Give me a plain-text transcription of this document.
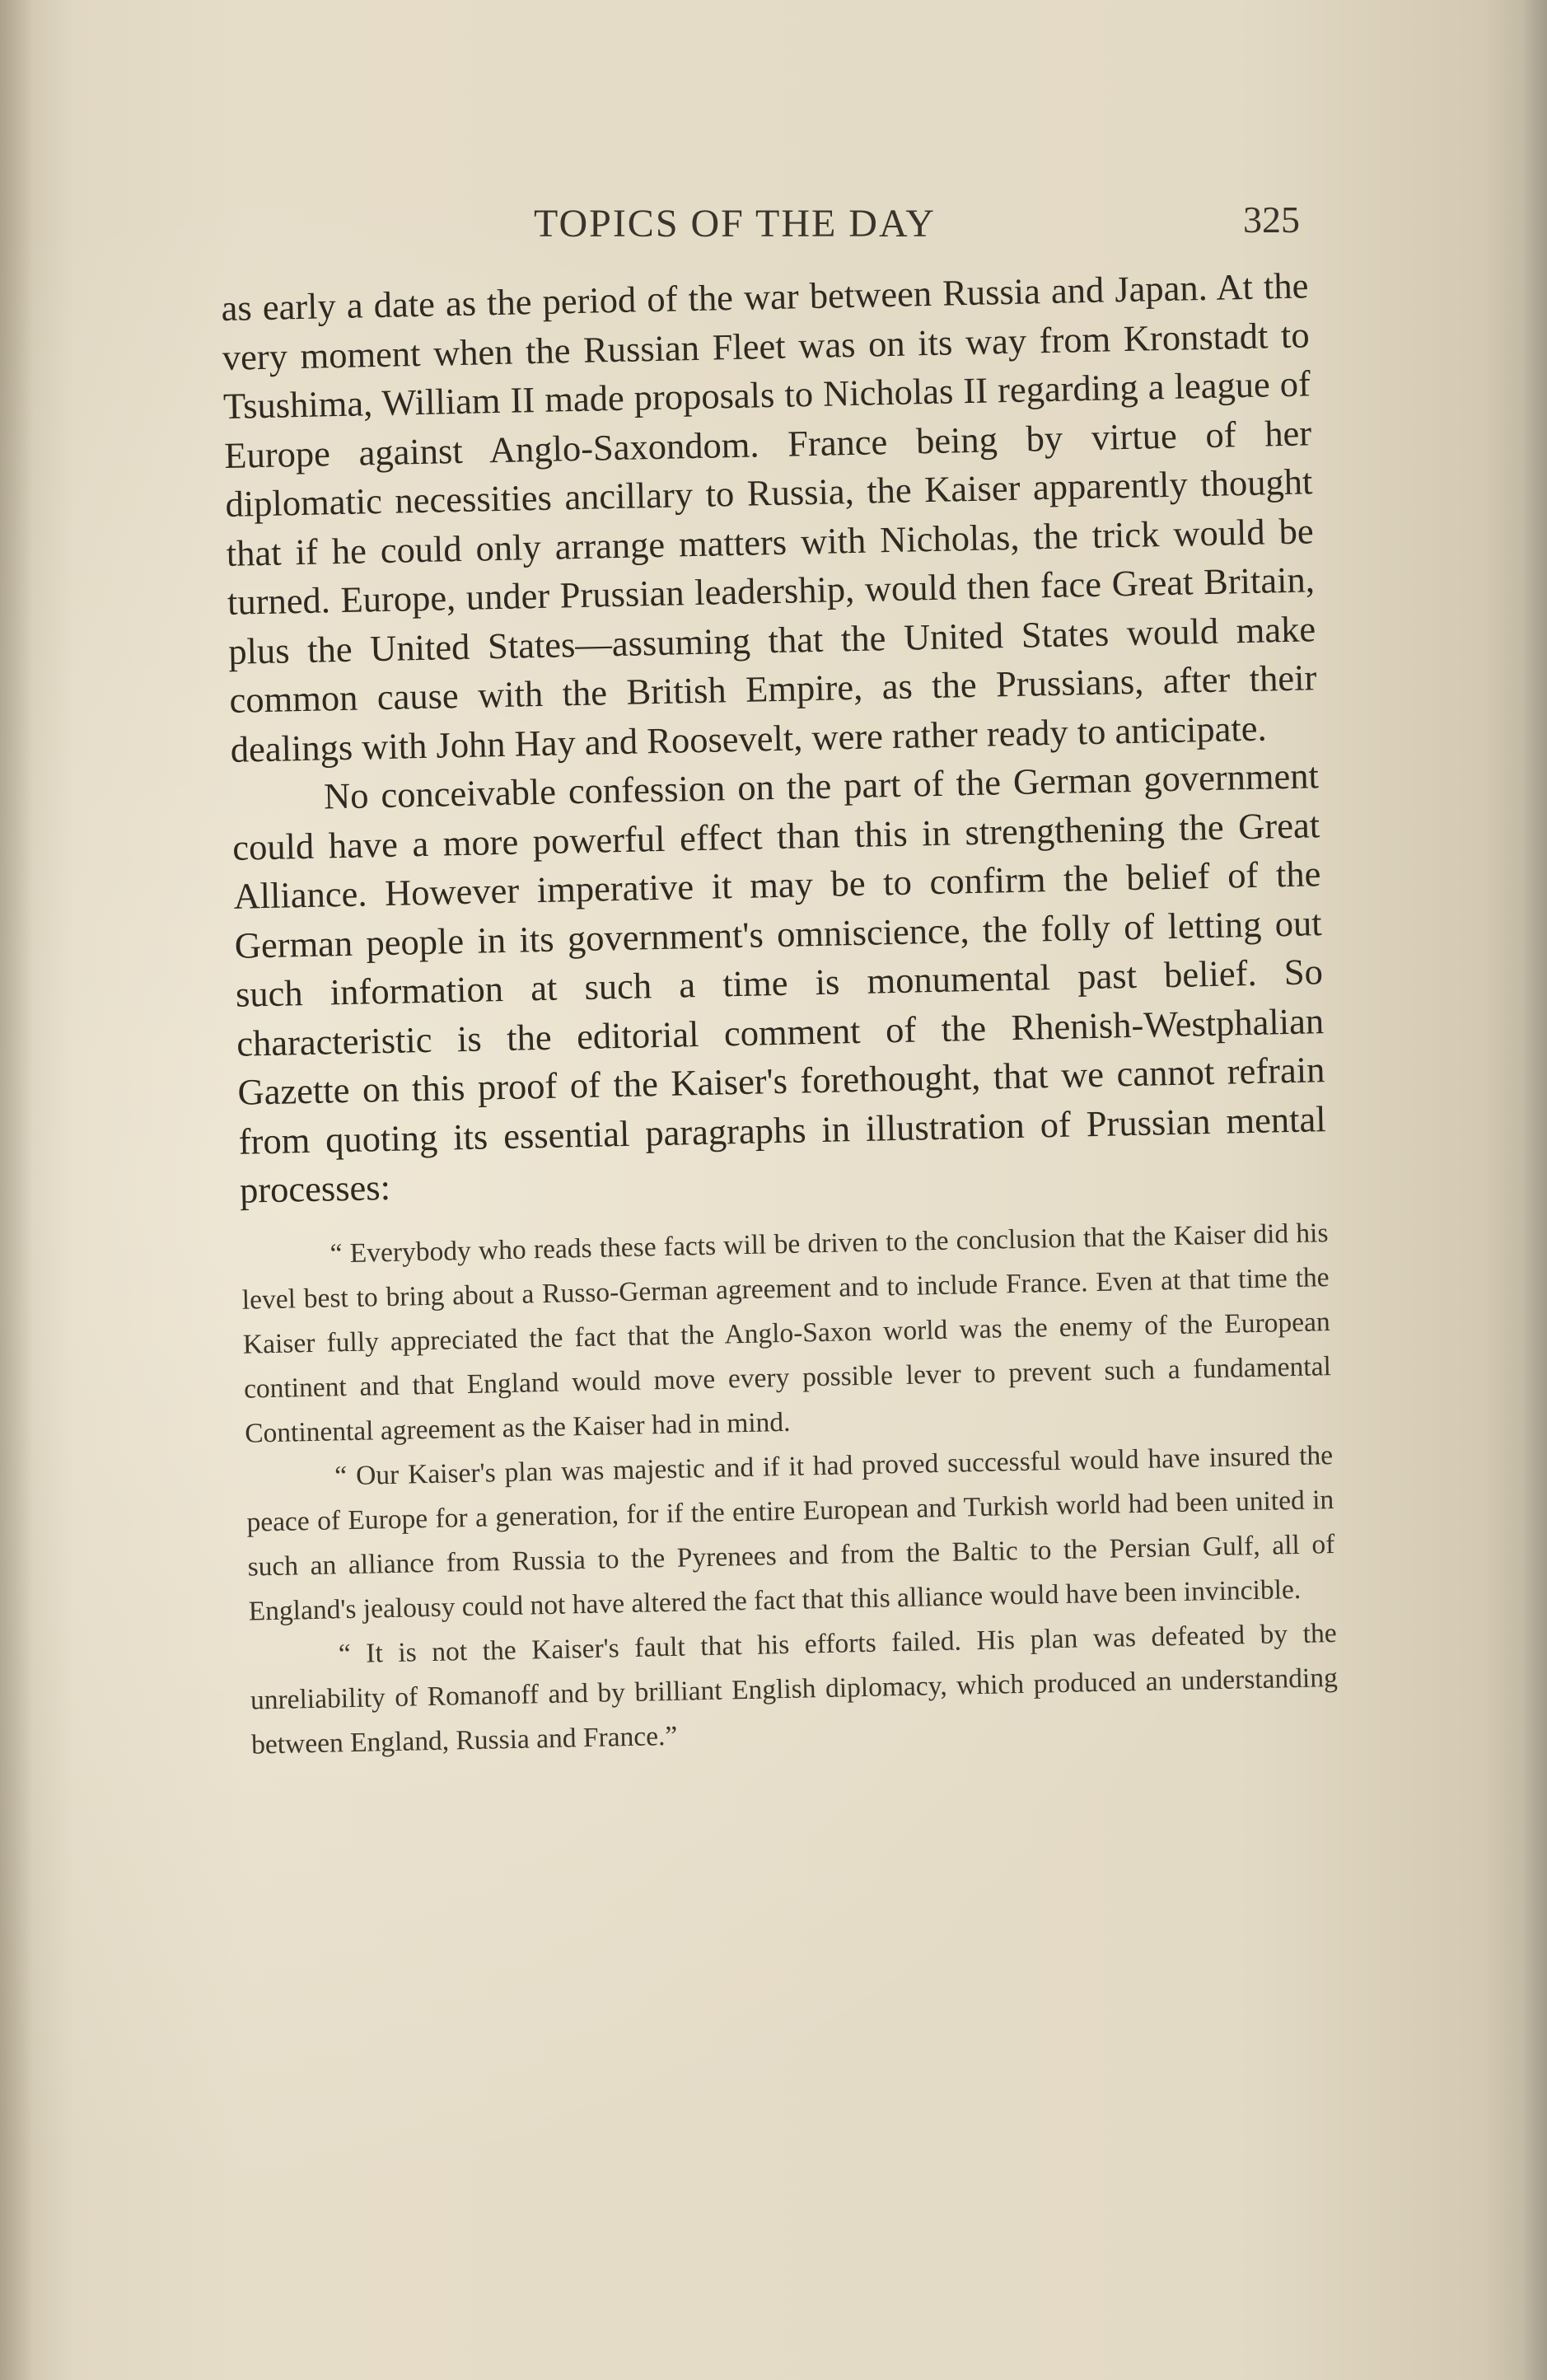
TOPICS OF THE DAY	325

as early a date as the period of the war between Russia and Japan. At the very moment when the Russian Fleet was on its way from Kronstadt to Tsushima, William II made proposals to Nicholas II regarding a league of Europe against Anglo-Saxondom. France being by virtue of her diplomatic necessities ancillary to Russia, the Kaiser apparently thought that if he could only arrange matters with Nicholas, the trick would be turned. Europe, under Prussian leadership, would then face Great Britain, plus the United States—assuming that the United States would make common cause with the British Empire, as the Prussians, after their dealings with John Hay and Roosevelt, were rather ready to anticipate.

No conceivable confession on the part of the German government could have a more powerful effect than this in strengthening the Great Alliance. However imperative it may be to confirm the belief of the German people in its government's omniscience, the folly of letting out such information at such a time is monumental past belief. So characteristic is the editorial comment of the Rhenish-Westphalian Gazette on this proof of the Kaiser's forethought, that we cannot refrain from quoting its essential paragraphs in illustration of Prussian mental processes:

“ Everybody who reads these facts will be driven to the conclusion that the Kaiser did his level best to bring about a Russo-German agreement and to include France. Even at that time the Kaiser fully appreciated the fact that the Anglo-Saxon world was the enemy of the European continent and that England would move every possible lever to prevent such a fundamental Continental agreement as the Kaiser had in mind.

“ Our Kaiser's plan was majestic and if it had proved successful would have insured the peace of Europe for a generation, for if the entire European and Turkish world had been united in such an alliance from Russia to the Pyrenees and from the Baltic to the Persian Gulf, all of England's jealousy could not have altered the fact that this alliance would have been invincible.

“ It is not the Kaiser's fault that his efforts failed. His plan was defeated by the unreliability of Romanoff and by brilliant English diplomacy, which produced an understanding between England, Russia and France.”
